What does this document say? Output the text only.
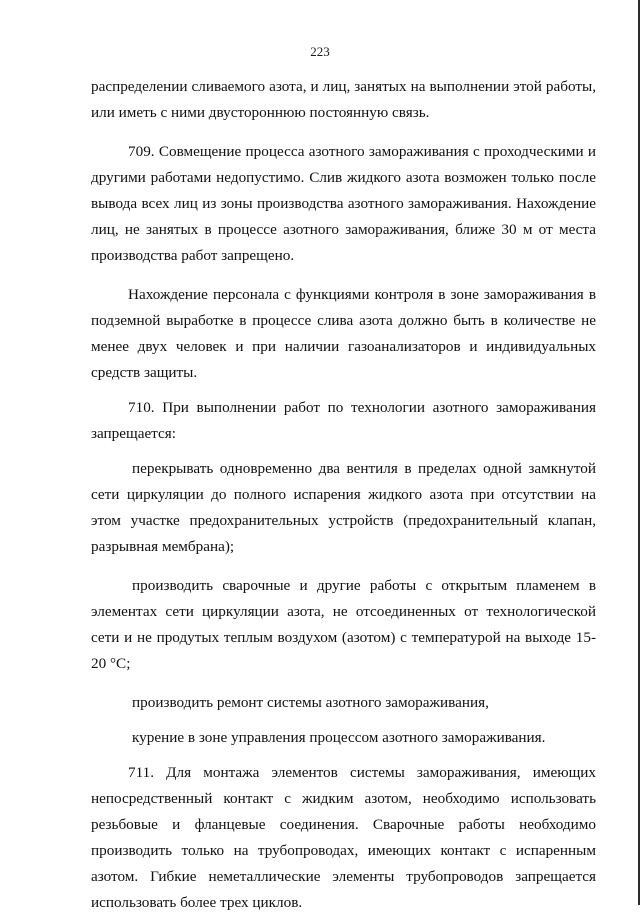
223

распределении сливаемого азота, и лиц, занятых на выполнении этой работы, или иметь с ними двустороннюю постоянную связь.

709. Совмещение процесса азотного замораживания с проходческими и другими работами недопустимо. Слив жидкого азота возможен только после вывода всех лиц из зоны производства азотного замораживания. Нахождение лиц, не занятых в процессе азотного замораживания, ближе 30 м от места производства работ запрещено.

Нахождение персонала с функциями контроля в зоне замораживания в подземной выработке в процессе слива азота должно быть в количестве не менее двух человек и при наличии газоанализаторов и индивидуальных средств защиты.

710. При выполнении работ по технологии азотного замораживания запрещается:

перекрывать одновременно два вентиля в пределах одной замкнутой сети циркуляции до полного испарения жидкого азота при отсутствии на этом участке предохранительных устройств (предохранительный клапан, разрывная мембрана);

производить сварочные и другие работы с открытым пламенем в элементах сети циркуляции азота, не отсоединенных от технологической сети и не продутых теплым воздухом (азотом) с температурой на выходе 15-20 °С;

производить ремонт системы азотного замораживания,

курение в зоне управления процессом азотного замораживания.

711. Для монтажа элементов системы замораживания, имеющих непосредственный контакт с жидким азотом, необходимо использовать резьбовые и фланцевые соединения. Сварочные работы необходимо производить только на трубопроводах, имеющих контакт с испаренным азотом. Гибкие неметаллические элементы трубопроводов запрещается использовать более трех циклов.
